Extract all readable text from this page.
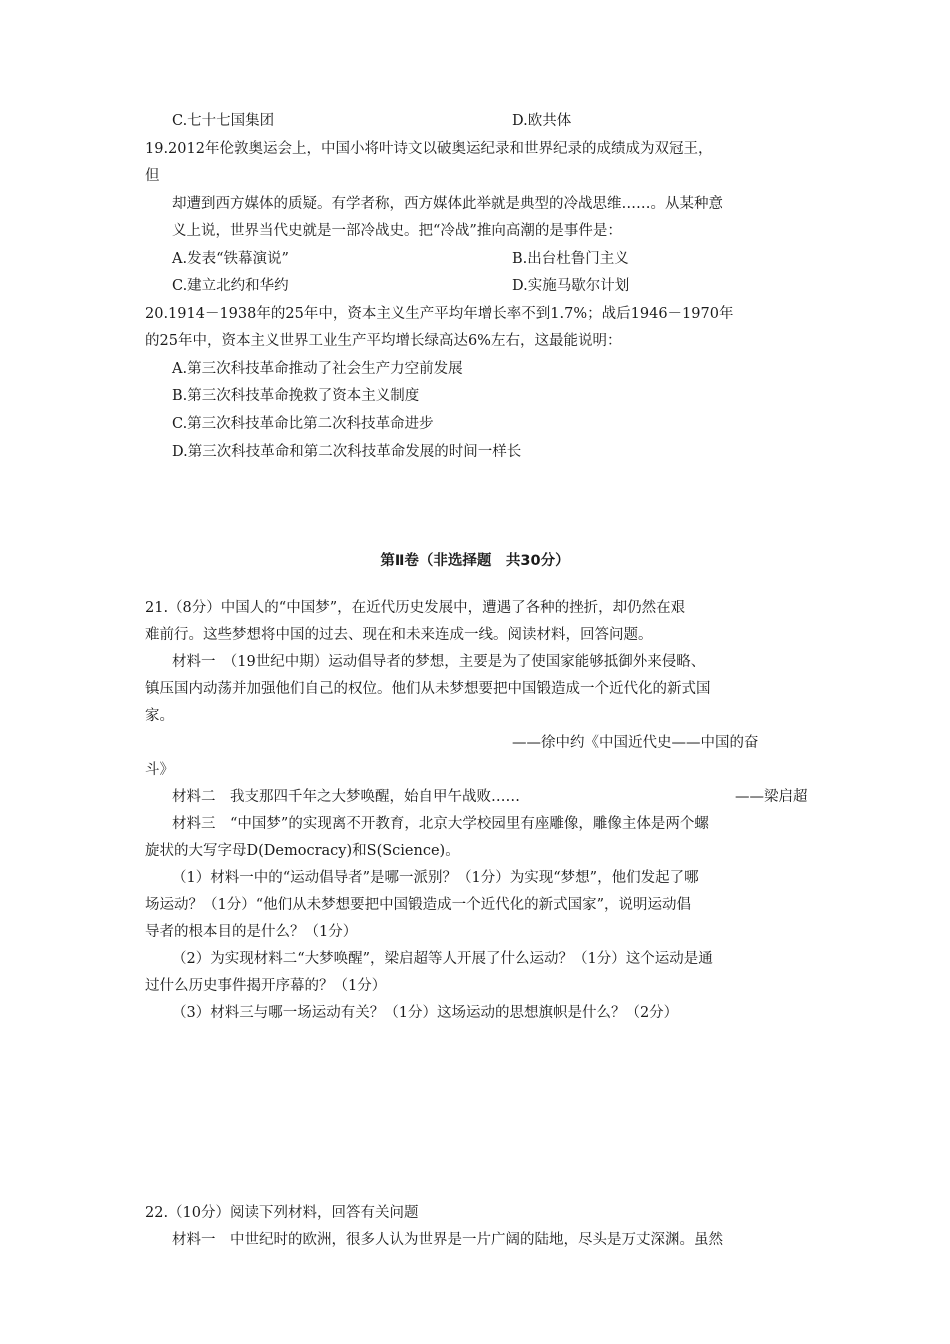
C.七十七国集团	D.欧共体
19.2012年伦敦奥运会上，中国小将叶诗文以破奥运纪录和世界纪录的成绩成为双冠王，
但
却遭到西方媒体的质疑。有学者称，西方媒体此举就是典型的冷战思维……。从某种意
义上说，世界当代史就是一部冷战史。把“冷战”推向高潮的是事件是：
A.发表“铁幕演说”	B.出台杜鲁门主义
C.建立北约和华约	D.实施马歇尔计划
20.1914－1938年的25年中，资本主义生产平均年增长率不到1.7%；战后1946－1970年
的25年中，资本主义世界工业生产平均增长绿高达6%左右，这最能说明：
A.第三次科技革命推动了社会生产力空前发展
B.第三次科技革命挽救了资本主义制度
C.第三次科技革命比第二次科技革命进步
D.第三次科技革命和第二次科技革命发展的时间一样长
第Ⅱ卷（非选择题　共30分）
21.（8分）中国人的“中国梦”，在近代历史发展中，遭遇了各种的挫折，却仍然在艰
难前行。这些梦想将中国的过去、现在和未来连成一线。阅读材料，回答问题。
材料一　（19世纪中期）运动倡导者的梦想，主要是为了使国家能够抵御外来侵略、
镇压国内动荡并加强他们自己的权位。他们从未梦想要把中国锻造成一个近代化的新式国
家。
——徐中约《中国近代史——中国的奋
斗》
材料二　我支那四千年之大梦唤醒，始自甲午战败……	——梁启超
材料三　“中国梦”的实现离不开教育，北京大学校园里有座雕像，雕像主体是两个螺
旋状的大写字母D(Democracy)和S(Science)。
（1）材料一中的“运动倡导者”是哪一派别？（1分）为实现“梦想”，他们发起了哪
场运动？（1分）“他们从未梦想要把中国锻造成一个近代化的新式国家”，说明运动倡
导者的根本目的是什么？（1分）
（2）为实现材料二“大梦唤醒”，梁启超等人开展了什么运动？（1分）这个运动是通
过什么历史事件揭开序幕的？（1分）
（3）材料三与哪一场运动有关？（1分）这场运动的思想旗帜是什么？（2分）
22.（10分）阅读下列材料，回答有关问题
材料一　中世纪时的欧洲，很多人认为世界是一片广阔的陆地，尽头是万丈深渊。虽然
